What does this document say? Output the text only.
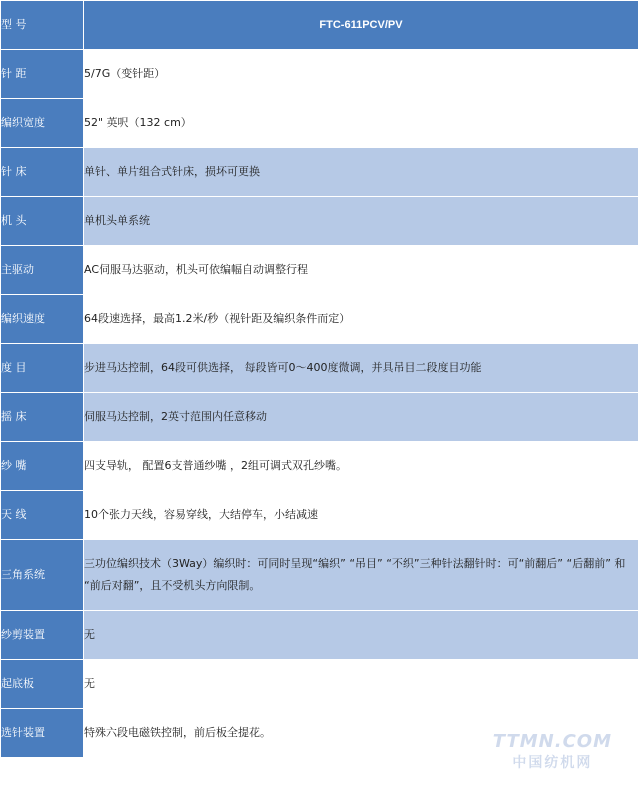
型 号	FTC-611PCV/PV
针 距	5/7G（变针距）
编织宽度	52" 英呎（132 cm）
针 床	单针、单片组合式针床，损坏可更换
机 头	单机头单系统
主驱动	AC伺服马达驱动，机头可依编幅自动调整行程
编织速度	64段速选择，最高1.2米/秒（视针距及编织条件而定）
度 目	步进马达控制，64段可供选择， 每段皆可0～400度微调，并具吊目二段度目功能
摇 床	伺服马达控制，2英寸范围内任意移动
纱 嘴	四支导轨， 配置6支普通纱嘴 ，2组可调式双孔纱嘴。
天 线	10个张力天线，容易穿线，大结停车，小结减速
三角系统	三功位编织技术（3Way）编织时：可同时呈现“编织” “吊目” “不织”三种针法翻针时：可“前翻后” “后翻前” 和 “前后对翻”，且不受机头方向限制。
纱剪装置	无
起底板	无
选针装置	特殊六段电磁铁控制，前后板全提花。	TTMN.COM
中国纺机网
